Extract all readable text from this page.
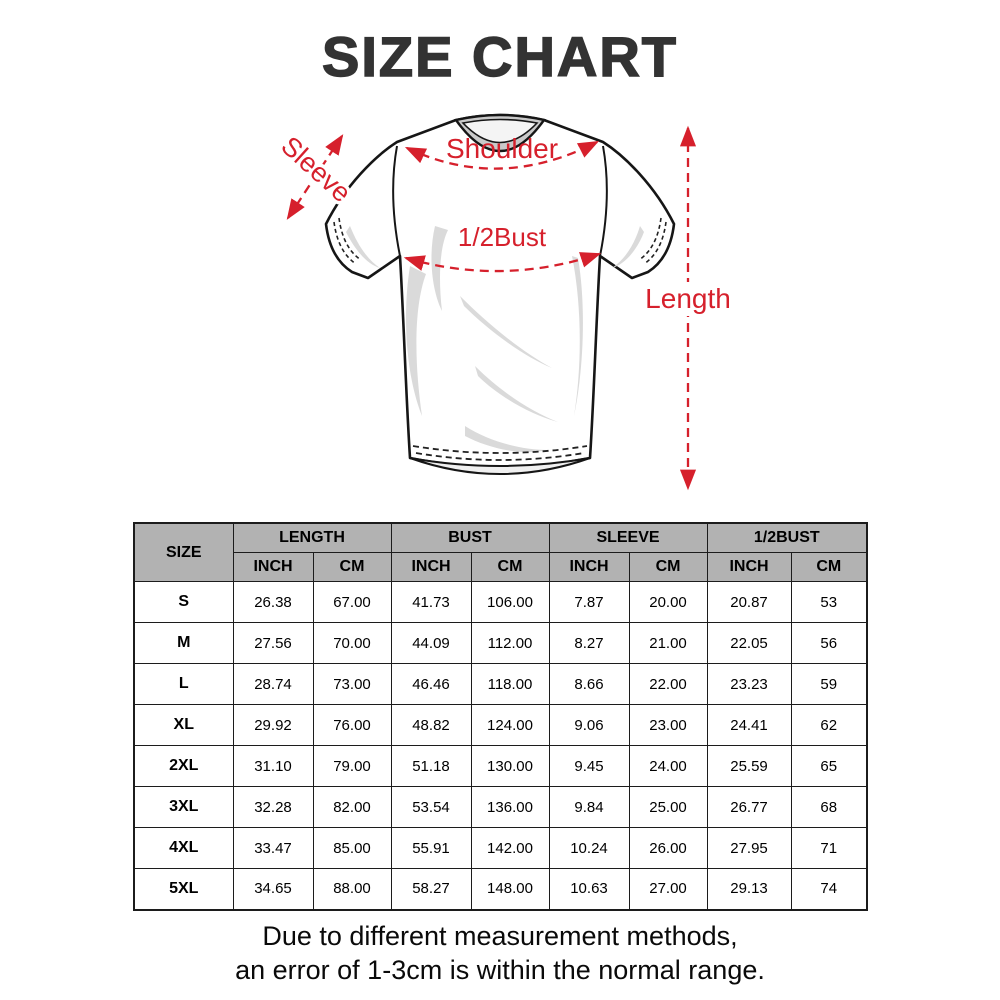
SIZE CHART
Sleeve	Shoulder
1/2Bust
Length
SIZE	LENGTH		BUST		SLEEVE		1/2BUST	
	INCH	CM	INCH	CM	INCH	CM	INCH	CM
S	26.38	67.00	41.73	106.00	7.87	20.00	20.87	53
M	27.56	70.00	44.09	112.00	8.27	21.00	22.05	56
L	28.74	73.00	46.46	118.00	8.66	22.00	23.23	59
XL	29.92	76.00	48.82	124.00	9.06	23.00	24.41	62
2XL	31.10	79.00	51.18	130.00	9.45	24.00	25.59	65
3XL	32.28	82.00	53.54	136.00	9.84	25.00	26.77	68
4XL	33.47	85.00	55.91	142.00	10.24	26.00	27.95	71
5XL	34.65	88.00	58.27	148.00	10.63	27.00	29.13	74
Due to different measurement methods,
an error of 1-3cm is within the normal range.
